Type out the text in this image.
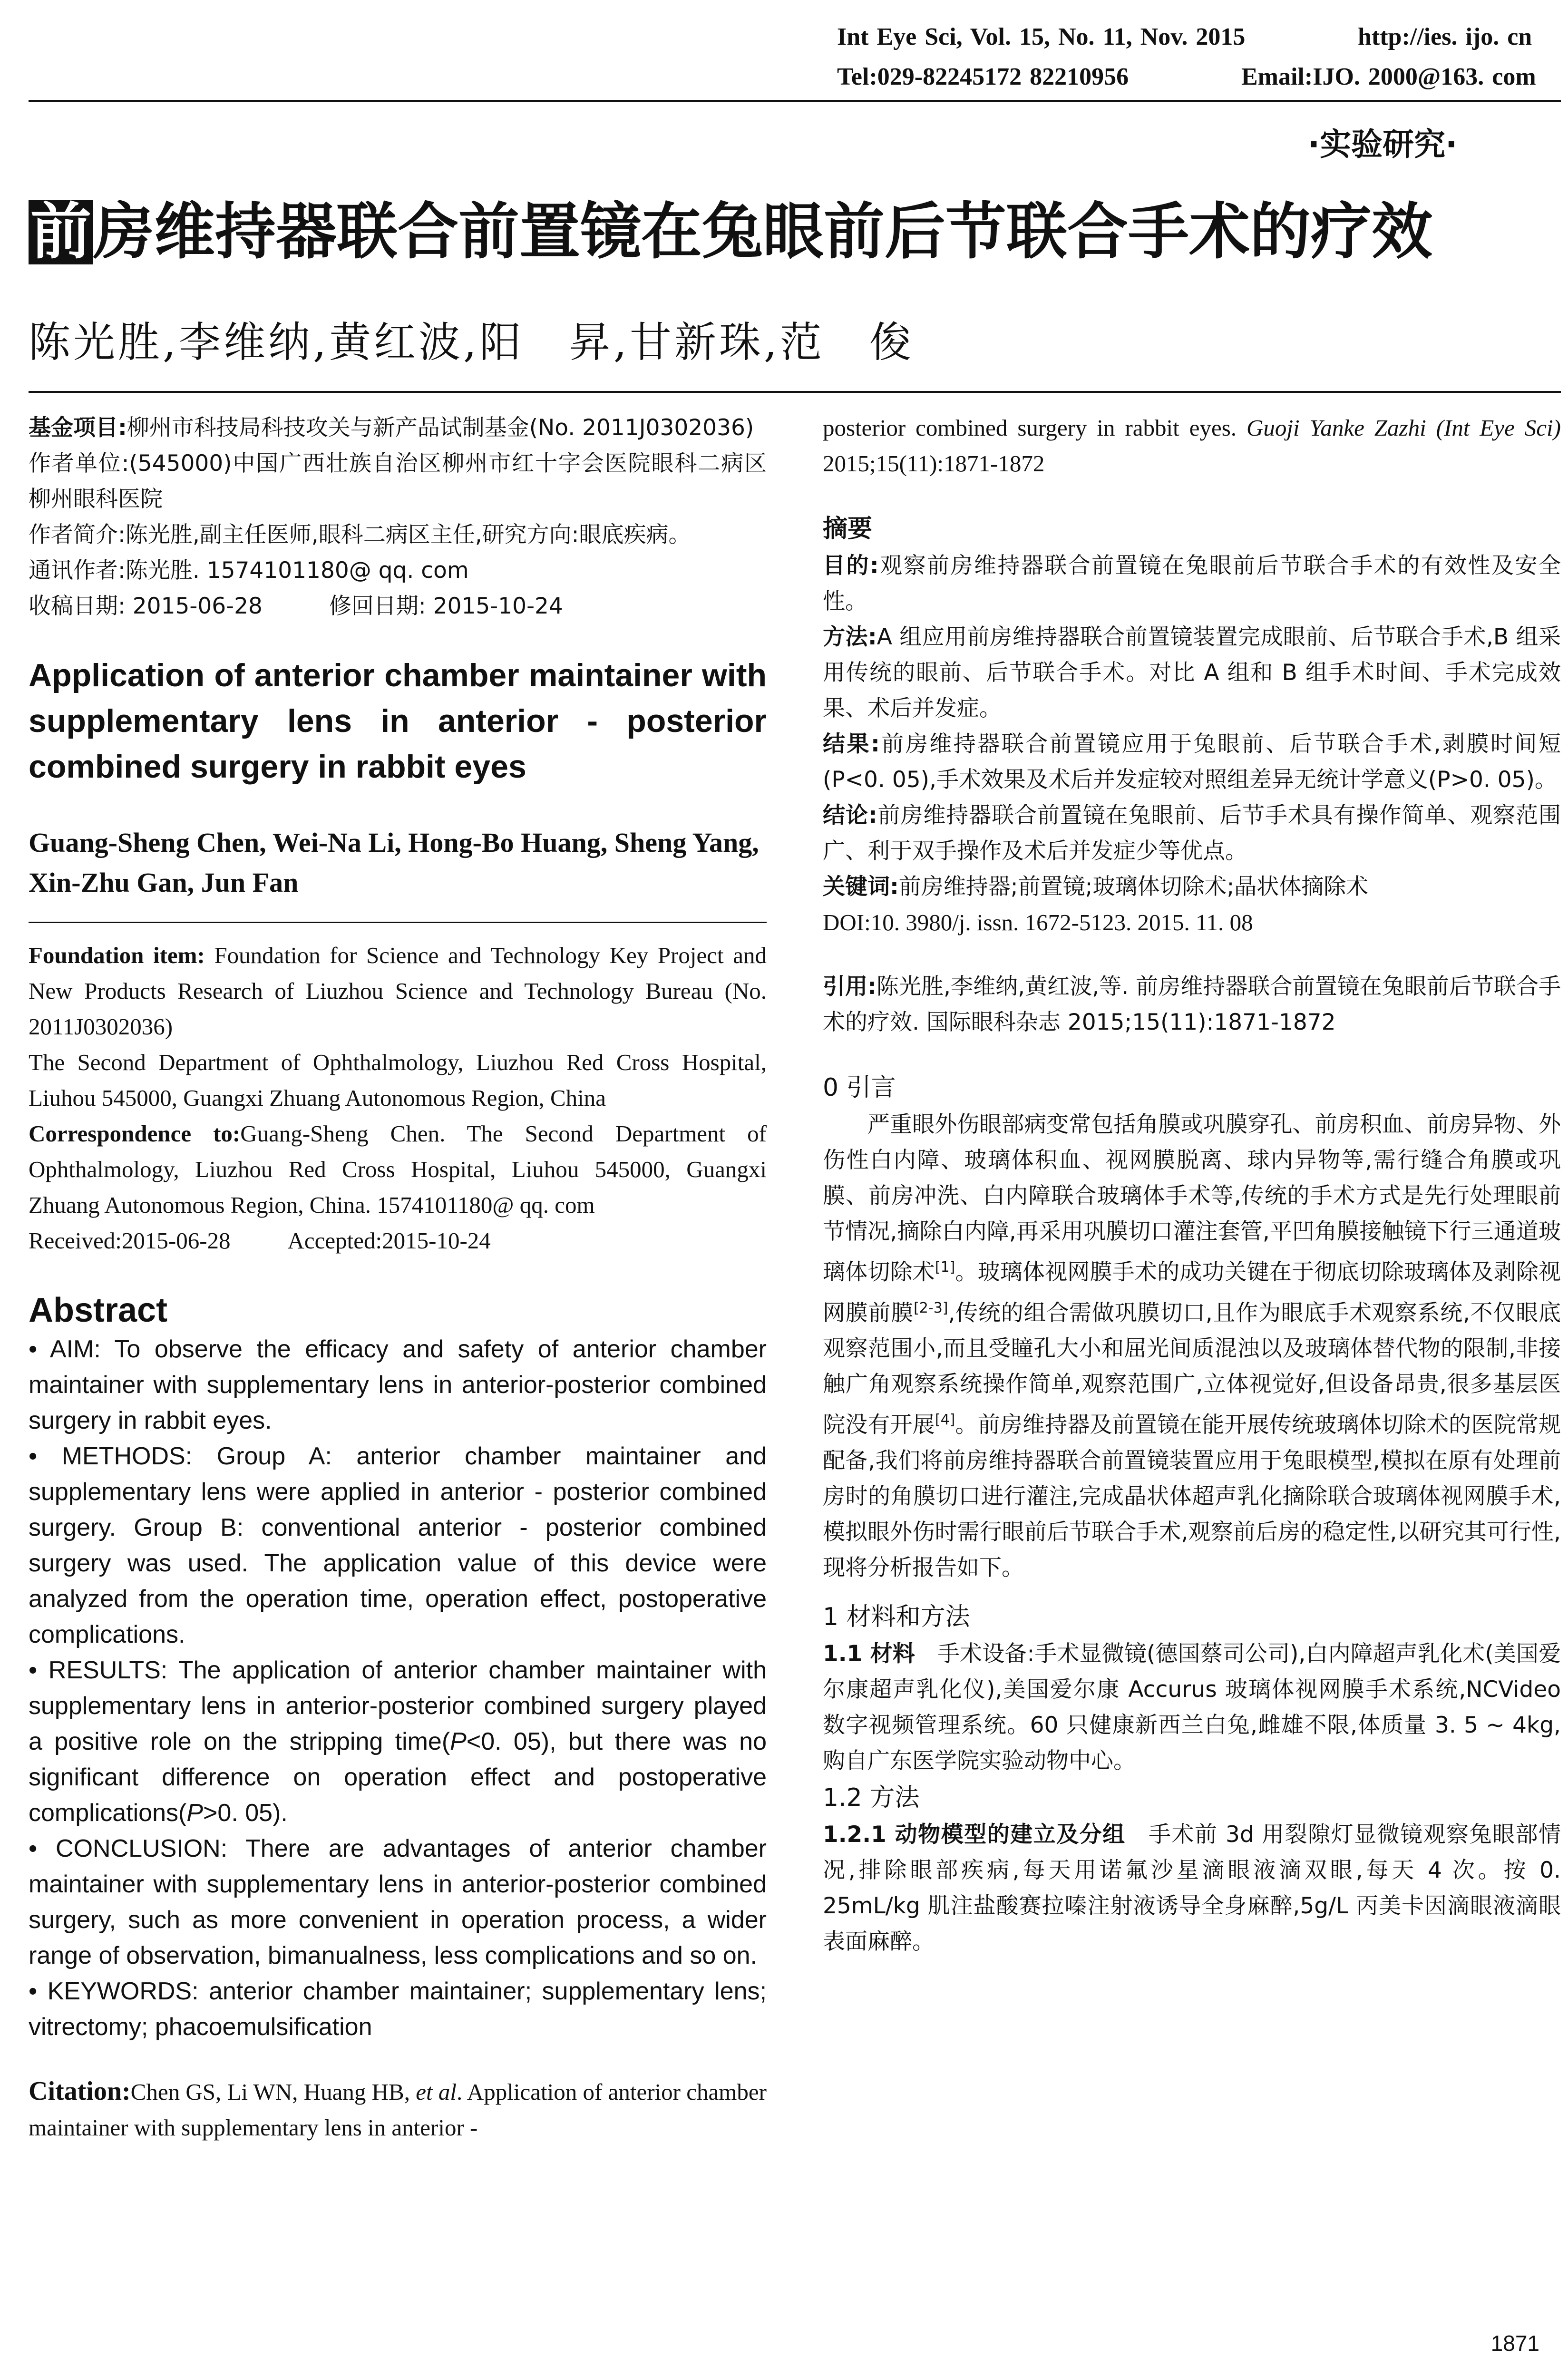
Int Eye Sci, Vol. 15, No. 11, Nov. 2015	http://ies. ijo. cn
Tel:029-82245172 82210956	Email:IJO. 2000@163. com
·实验研究·
前房维持器联合前置镜在兔眼前后节联合手术的疗效
陈光胜,李维纳,黄红波,阳　昇,甘新珠,范　俊
基金项目:柳州市科技局科技攻关与新产品试制基金(No. 2011J0302036)
作者单位:(545000)中国广西壮族自治区柳州市红十字会医院眼科二病区 柳州眼科医院
作者简介:陈光胜,副主任医师,眼科二病区主任,研究方向:眼底疾病。
通讯作者:陈光胜. 1574101180@ qq. com
收稿日期: 2015-06-28	修回日期: 2015-10-24
Application of anterior chamber maintainer with supplementary lens in anterior - posterior combined surgery in rabbit eyes
Guang-Sheng Chen, Wei-Na Li, Hong-Bo Huang, Sheng Yang, Xin-Zhu Gan, Jun Fan
Foundation item: Foundation for Science and Technology Key Project and New Products Research of Liuzhou Science and Technology Bureau (No. 2011J0302036)
The Second Department of Ophthalmology, Liuzhou Red Cross Hospital, Liuhou 545000, Guangxi Zhuang Autonomous Region, China
Correspondence to:Guang-Sheng Chen. The Second Department of Ophthalmology, Liuzhou Red Cross Hospital, Liuhou 545000, Guangxi Zhuang Autonomous Region, China. 1574101180@ qq. com
Received:2015-06-28 Accepted:2015-10-24
Abstract
• AIM: To observe the efficacy and safety of anterior chamber maintainer with supplementary lens in anterior-posterior combined surgery in rabbit eyes.
• METHODS: Group A: anterior chamber maintainer and supplementary lens were applied in anterior - posterior combined surgery. Group B: conventional anterior - posterior combined surgery was used. The application value of this device were analyzed from the operation time, operation effect, postoperative complications.
• RESULTS: The application of anterior chamber maintainer with supplementary lens in anterior-posterior combined surgery played a positive role on the stripping time(P<0. 05), but there was no significant difference on operation effect and postoperative complications(P>0. 05).
• CONCLUSION: There are advantages of anterior chamber maintainer with supplementary lens in anterior-posterior combined surgery, such as more convenient in operation process, a wider range of observation, bimanualness, less complications and so on.
• KEYWORDS: anterior chamber maintainer; supplementary lens; vitrectomy; phacoemulsification
Citation:Chen GS, Li WN, Huang HB, et al. Application of anterior chamber maintainer with supplementary lens in anterior -
posterior combined surgery in rabbit eyes. Guoji Yanke Zazhi (Int Eye Sci) 2015;15(11):1871-1872
摘要
目的:观察前房维持器联合前置镜在兔眼前后节联合手术的有效性及安全性。
方法:A 组应用前房维持器联合前置镜装置完成眼前、后节联合手术,B 组采用传统的眼前、后节联合手术。对比 A 组和 B 组手术时间、手术完成效果、术后并发症。
结果:前房维持器联合前置镜应用于兔眼前、后节联合手术,剥膜时间短(P<0. 05),手术效果及术后并发症较对照组差异无统计学意义(P>0. 05)。
结论:前房维持器联合前置镜在兔眼前、后节手术具有操作简单、观察范围广、利于双手操作及术后并发症少等优点。
关键词:前房维持器;前置镜;玻璃体切除术;晶状体摘除术
DOI:10. 3980/j. issn. 1672-5123. 2015. 11. 08
引用:陈光胜,李维纳,黄红波,等. 前房维持器联合前置镜在兔眼前后节联合手术的疗效. 国际眼科杂志 2015;15(11):1871-1872
0 引言
严重眼外伤眼部病变常包括角膜或巩膜穿孔、前房积血、前房异物、外伤性白内障、玻璃体积血、视网膜脱离、球内异物等,需行缝合角膜或巩膜、前房冲洗、白内障联合玻璃体手术等,传统的手术方式是先行处理眼前节情况,摘除白内障,再采用巩膜切口灌注套管,平凹角膜接触镜下行三通道玻璃体切除术[1]。玻璃体视网膜手术的成功关键在于彻底切除玻璃体及剥除视网膜前膜[2-3],传统的组合需做巩膜切口,且作为眼底手术观察系统,不仅眼底观察范围小,而且受瞳孔大小和屈光间质混浊以及玻璃体替代物的限制,非接触广角观察系统操作简单,观察范围广,立体视觉好,但设备昂贵,很多基层医院没有开展[4]。前房维持器及前置镜在能开展传统玻璃体切除术的医院常规配备,我们将前房维持器联合前置镜装置应用于兔眼模型,模拟在原有处理前房时的角膜切口进行灌注,完成晶状体超声乳化摘除联合玻璃体视网膜手术,模拟眼外伤时需行眼前后节联合手术,观察前后房的稳定性,以研究其可行性,现将分析报告如下。
1 材料和方法
1.1 材料　手术设备:手术显微镜(德国蔡司公司),白内障超声乳化术(美国爱尔康超声乳化仪),美国爱尔康 Accurus 玻璃体视网膜手术系统,NCVideo 数字视频管理系统。60 只健康新西兰白兔,雌雄不限,体质量 3. 5 ~ 4kg,购自广东医学院实验动物中心。
1.2 方法
1.2.1 动物模型的建立及分组　手术前 3d 用裂隙灯显微镜观察兔眼部情况,排除眼部疾病,每天用诺氟沙星滴眼液滴双眼,每天 4 次。按 0. 25mL/kg 肌注盐酸赛拉嗪注射液诱导全身麻醉,5g/L 丙美卡因滴眼液滴眼表面麻醉。
1871
